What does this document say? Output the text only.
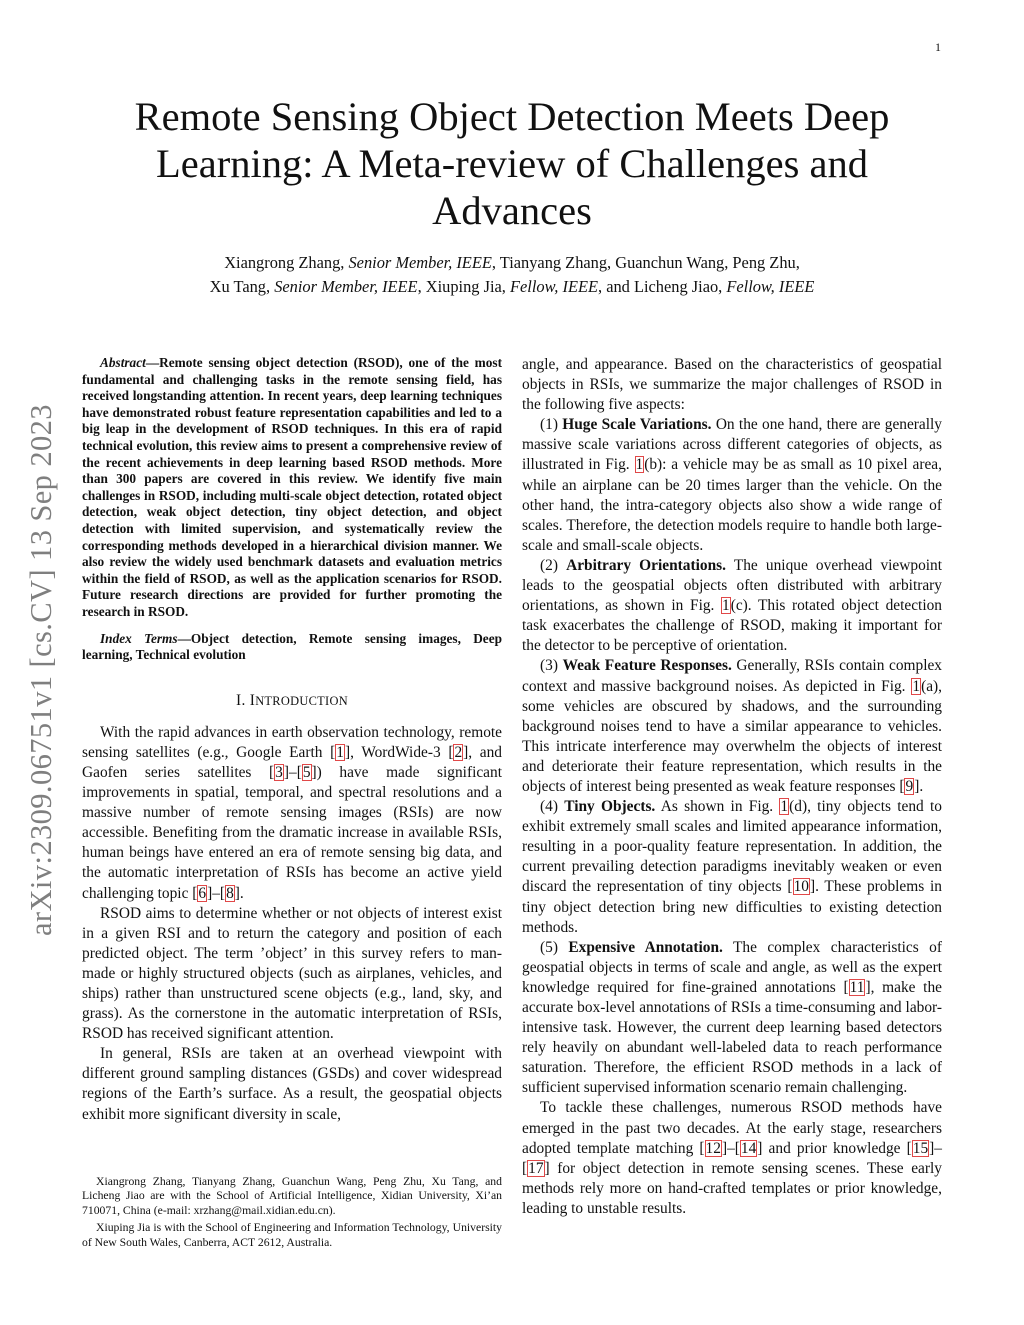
1
arXiv:2309.06751v1 [cs.CV] 13 Sep 2023
Remote Sensing Object Detection Meets Deep
Learning: A Meta-review of Challenges and
Advances
Xiangrong Zhang, Senior Member, IEEE, Tianyang Zhang, Guanchun Wang, Peng Zhu,
Xu Tang, Senior Member, IEEE, Xiuping Jia, Fellow, IEEE, and Licheng Jiao, Fellow, IEEE

Abstract—Remote sensing object detection (RSOD), one of the most fundamental and challenging tasks in the remote sensing field, has received longstanding attention. In recent years, deep learning techniques have demonstrated robust feature representation capabilities and led to a big leap in the development of RSOD techniques. In this era of rapid technical evolution, this review aims to present a comprehensive review of the recent achievements in deep learning based RSOD methods. More than 300 papers are covered in this review. We identify five main challenges in RSOD, including multi-scale object detection, rotated object detection, weak object detection, tiny object detection, and object detection with limited supervision, and systematically review the corresponding methods developed in a hierarchical division manner. We also review the widely used benchmark datasets and evaluation metrics within the field of RSOD, as well as the application scenarios for RSOD. Future research directions are provided for further promoting the research in RSOD.

Index Terms—Object detection, Remote sensing images, Deep learning, Technical evolution

I. INTRODUCTION

With the rapid advances in earth observation technology, remote sensing satellites (e.g., Google Earth [1], WordWide-3 [2], and Gaofen series satellites [3]–[5]) have made significant improvements in spatial, temporal, and spectral resolutions and a massive number of remote sensing images (RSIs) are now accessible. Benefiting from the dramatic increase in available RSIs, human beings have entered an era of remote sensing big data, and the automatic interpretation of RSIs has become an active yield challenging topic [6]–[8].

RSOD aims to determine whether or not objects of interest exist in a given RSI and to return the category and position of each predicted object. The term ’object’ in this survey refers to man-made or highly structured objects (such as airplanes, vehicles, and ships) rather than unstructured scene objects (e.g., land, sky, and grass). As the cornerstone in the automatic interpretation of RSIs, RSOD has received significant attention.

In general, RSIs are taken at an overhead viewpoint with different ground sampling distances (GSDs) and cover widespread regions of the Earth’s surface. As a result, the geospatial objects exhibit more significant diversity in scale,

Xiangrong Zhang, Tianyang Zhang, Guanchun Wang, Peng Zhu, Xu Tang, and Licheng Jiao are with the School of Artificial Intelligence, Xidian University, Xi’an 710071, China (e-mail: xrzhang@mail.xidian.edu.cn).

Xiuping Jia is with the School of Engineering and Information Technology, University of New South Wales, Canberra, ACT 2612, Australia.

angle, and appearance. Based on the characteristics of geospatial objects in RSIs, we summarize the major challenges of RSOD in the following five aspects:

(1) Huge Scale Variations. On the one hand, there are generally massive scale variations across different categories of objects, as illustrated in Fig. 1(b): a vehicle may be as small as 10 pixel area, while an airplane can be 20 times larger than the vehicle. On the other hand, the intra-category objects also show a wide range of scales. Therefore, the detection models require to handle both large-scale and small-scale objects.

(2) Arbitrary Orientations. The unique overhead viewpoint leads to the geospatial objects often distributed with arbitrary orientations, as shown in Fig. 1(c). This rotated object detection task exacerbates the challenge of RSOD, making it important for the detector to be perceptive of orientation.

(3) Weak Feature Responses. Generally, RSIs contain complex context and massive background noises. As depicted in Fig. 1(a), some vehicles are obscured by shadows, and the surrounding background noises tend to have a similar appearance to vehicles. This intricate interference may overwhelm the objects of interest and deteriorate their feature representation, which results in the objects of interest being presented as weak feature responses [9].

(4) Tiny Objects. As shown in Fig. 1(d), tiny objects tend to exhibit extremely small scales and limited appearance information, resulting in a poor-quality feature representation. In addition, the current prevailing detection paradigms inevitably weaken or even discard the representation of tiny objects [10]. These problems in tiny object detection bring new difficulties to existing detection methods.

(5) Expensive Annotation. The complex characteristics of geospatial objects in terms of scale and angle, as well as the expert knowledge required for fine-grained annotations [11], make the accurate box-level annotations of RSIs a time-consuming and labor-intensive task. However, the current deep learning based detectors rely heavily on abundant well-labeled data to reach performance saturation. Therefore, the efficient RSOD methods in a lack of sufficient supervised information scenario remain challenging.

To tackle these challenges, numerous RSOD methods have emerged in the past two decades. At the early stage, researchers adopted template matching [12]–[14] and prior knowledge [15]–[17] for object detection in remote sensing scenes. These early methods rely more on hand-crafted templates or prior knowledge, leading to unstable results.
